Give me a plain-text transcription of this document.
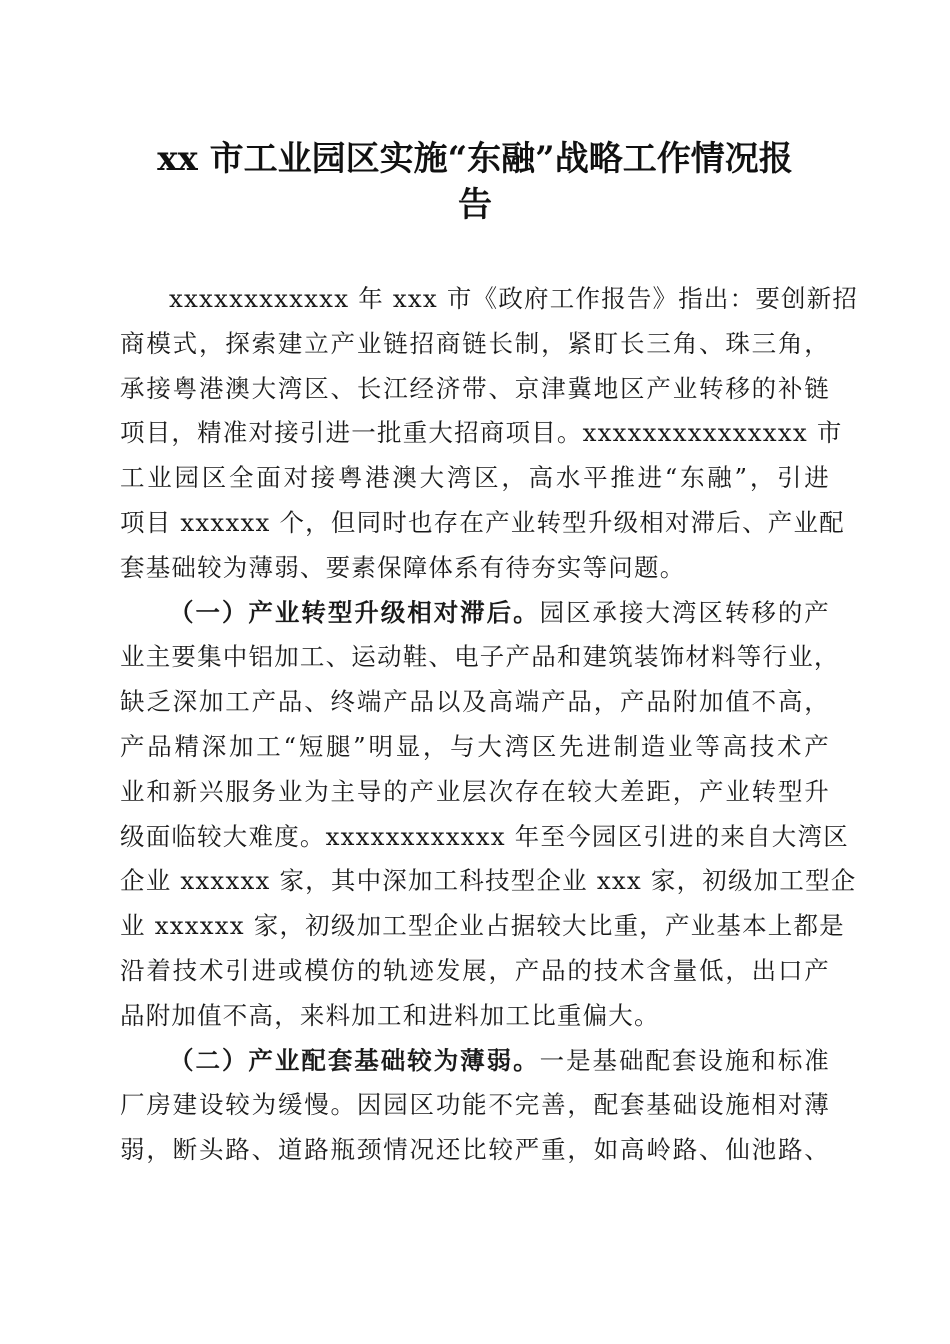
xx 市工业园区实施“东融”战略工作情况报
告

xxxxxxxxxxxx 年 xxx 市《政府工作报告》指出：要创新招
商模式，探索建立产业链招商链长制，紧盯长三角、珠三角，
承接粤港澳大湾区、长江经济带、京津冀地区产业转移的补链
项目，精准对接引进一批重大招商项目。xxxxxxxxxxxxxxx 市
工业园区全面对接粤港澳大湾区，高水平推进“东融”，引进
项目 xxxxxx 个，但同时也存在产业转型升级相对滞后、产业配
套基础较为薄弱、要素保障体系有待夯实等问题。

（一）产业转型升级相对滞后。园区承接大湾区转移的产
业主要集中铝加工、运动鞋、电子产品和建筑装饰材料等行业，
缺乏深加工产品、终端产品以及高端产品，产品附加值不高，
产品精深加工“短腿”明显，与大湾区先进制造业等高技术产
业和新兴服务业为主导的产业层次存在较大差距，产业转型升
级面临较大难度。xxxxxxxxxxxx 年至今园区引进的来自大湾区
企业 xxxxxx 家，其中深加工科技型企业 xxx 家，初级加工型企
业 xxxxxx 家，初级加工型企业占据较大比重，产业基本上都是
沿着技术引进或模仿的轨迹发展，产品的技术含量低，出口产
品附加值不高，来料加工和进料加工比重偏大。

（二）产业配套基础较为薄弱。一是基础配套设施和标准
厂房建设较为缓慢。因园区功能不完善，配套基础设施相对薄
弱，断头路、道路瓶颈情况还比较严重，如高岭路、仙池路、
